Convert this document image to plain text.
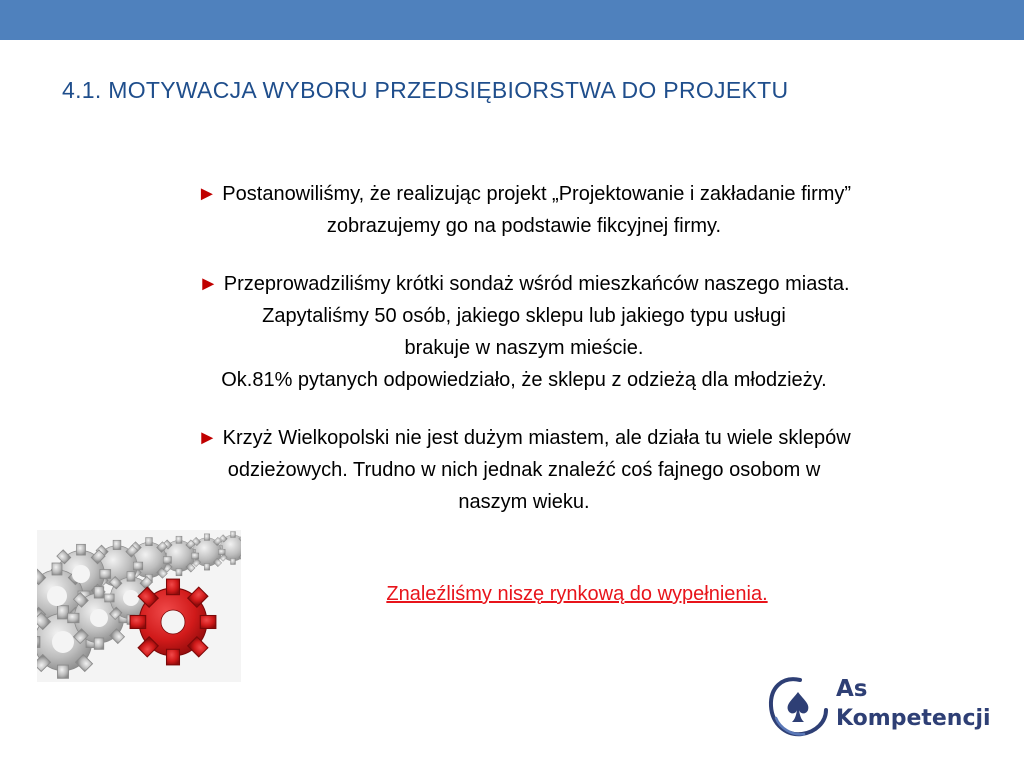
4.1. MOTYWACJA WYBORU PRZEDSIĘBIORSTWA DO PROJEKTU

► Postanowiliśmy, że realizując projekt „Projektowanie i zakładanie firmy”
zobrazujemy go na podstawie fikcyjnej firmy.

► Przeprowadziliśmy krótki sondaż wśród mieszkańców naszego miasta.
Zapytaliśmy 50 osób, jakiego sklepu lub jakiego typu usługi
brakuje w naszym mieście.
Ok.81% pytanych odpowiedziało, że sklepu z odzieżą dla młodzieży.

► Krzyż Wielkopolski nie jest dużym miastem, ale działa tu wiele sklepów
odzieżowych. Trudno w nich jednak znaleźć coś fajnego osobom w
naszym wieku.

Znaleźliśmy niszę rynkową do wypełnienia.
As
Kompetencji
